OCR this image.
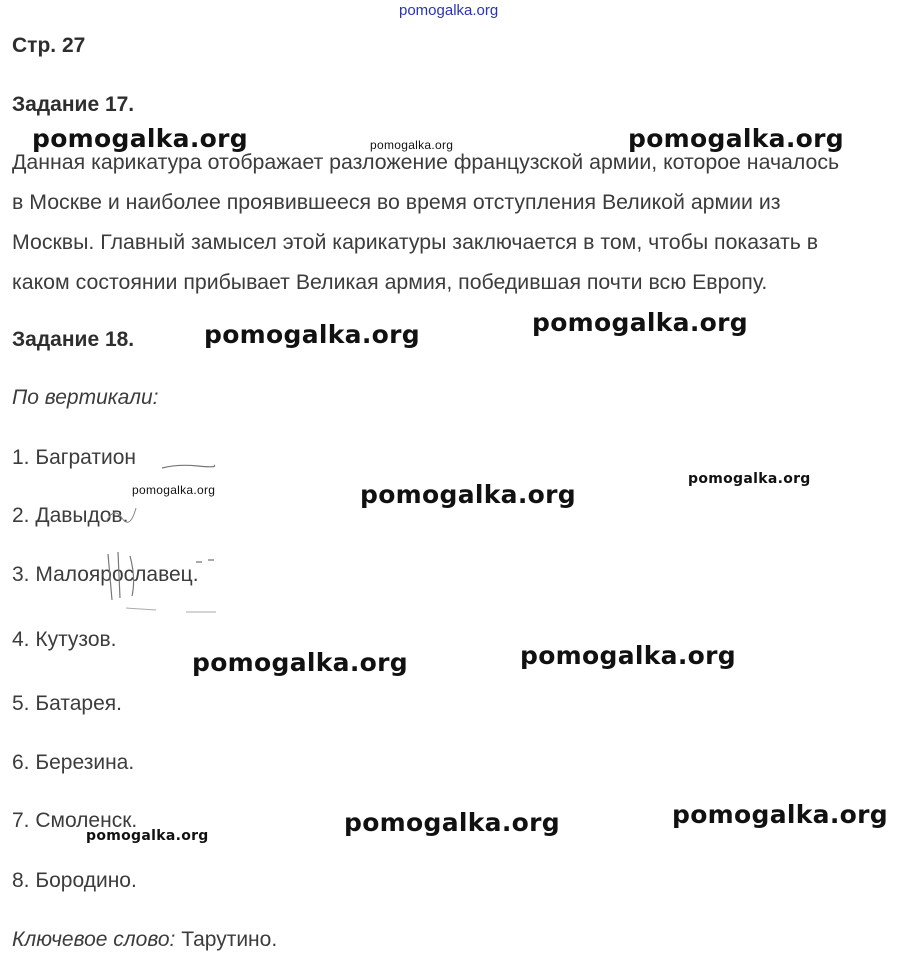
pomogalka.org
Стр. 27
Задание 17.
Данная карикатура отображает разложение французской армии, которое началось
в Москве и наиболее проявившееся во время отступления Великой армии из
Москвы. Главный замысел этой карикатуры заключается в том, чтобы показать в
каком состоянии прибывает Великая армия, победившая почти всю Европу.
Задание 18.
По вертикали:
1. Багратион
2. Давыдов.
3. Малоярославец.
4. Кутузов.
5. Батарея.
6. Березина.
7. Смоленск.
8. Бородино.
Ключевое слово: Тарутино.
pomogalka.org	pomogalka.org	pomogalka.org
pomogalka.org	pomogalka.org
pomogalka.org
pomogalka.org	pomogalka.org
pomogalka.org	pomogalka.org
pomogalka.org
pomogalka.org
pomogalka.org
